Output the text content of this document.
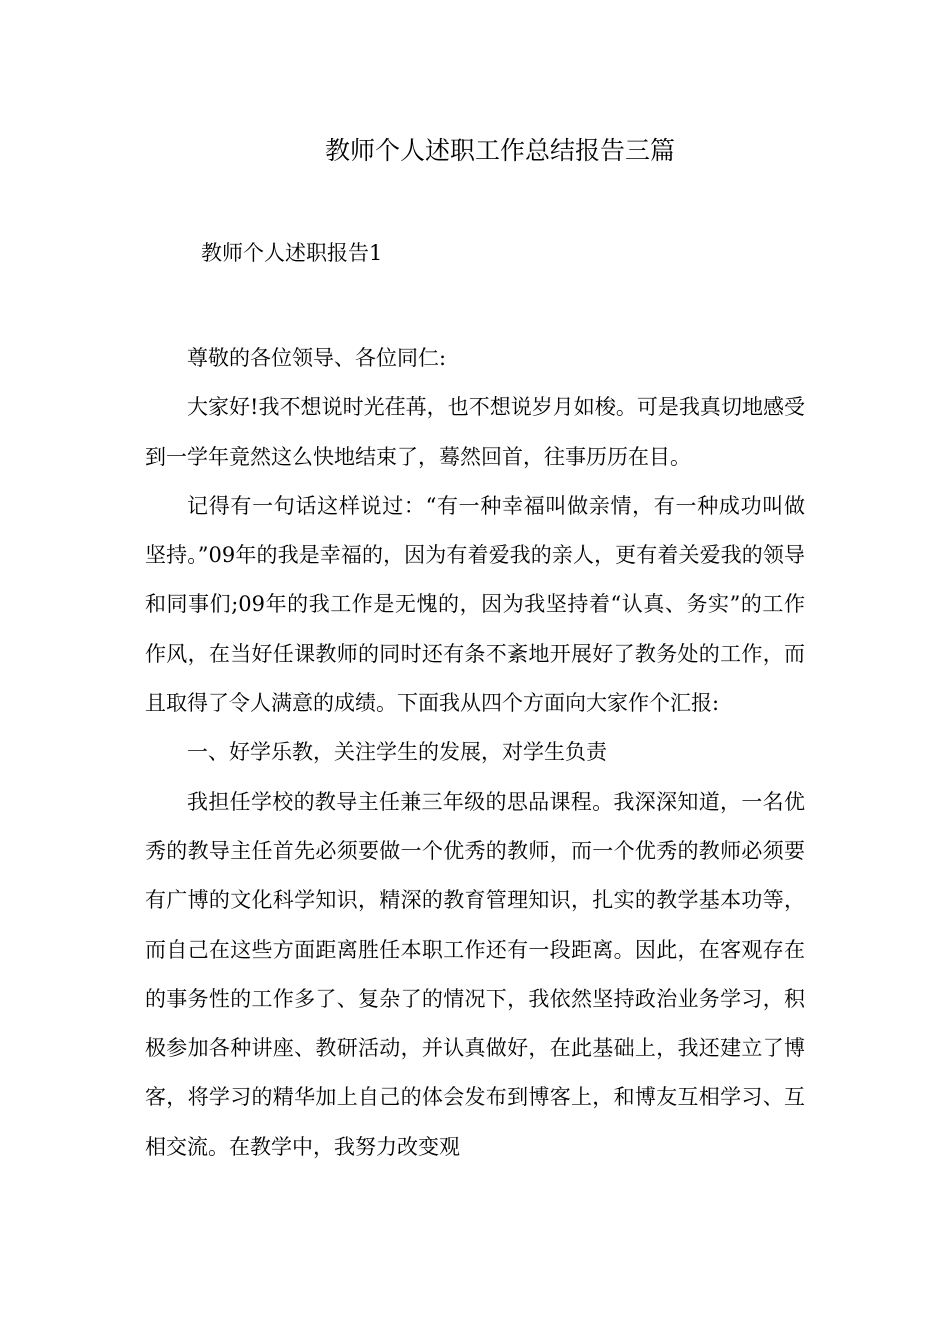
教师个人述职工作总结报告三篇
教师个人述职报告1

尊敬的各位领导、各位同仁:

大家好!我不想说时光荏苒，也不想说岁月如梭。可是我真切地感受到一学年竟然这么快地结束了，蓦然回首，往事历历在目。

记得有一句话这样说过：“有一种幸福叫做亲情，有一种成功叫做坚持。”09年的我是幸福的，因为有着爱我的亲人，更有着关爱我的领导和同事们;09年的我工作是无愧的，因为我坚持着“认真、务实”的工作作风，在当好任课教师的同时还有条不紊地开展好了教务处的工作，而且取得了令人满意的成绩。下面我从四个方面向大家作个汇报:

一、好学乐教，关注学生的发展，对学生负责

我担任学校的教导主任兼三年级的思品课程。我深深知道，一名优秀的教导主任首先必须要做一个优秀的教师，而一个优秀的教师必须要有广博的文化科学知识，精深的教育管理知识，扎实的教学基本功等，而自己在这些方面距离胜任本职工作还有一段距离。因此，在客观存在的事务性的工作多了、复杂了的情况下，我依然坚持政治业务学习，积极参加各种讲座、教研活动，并认真做好，在此基础上，我还建立了博客，将学习的精华加上自己的体会发布到博客上，和博友互相学习、互相交流。在教学中，我努力改变观
